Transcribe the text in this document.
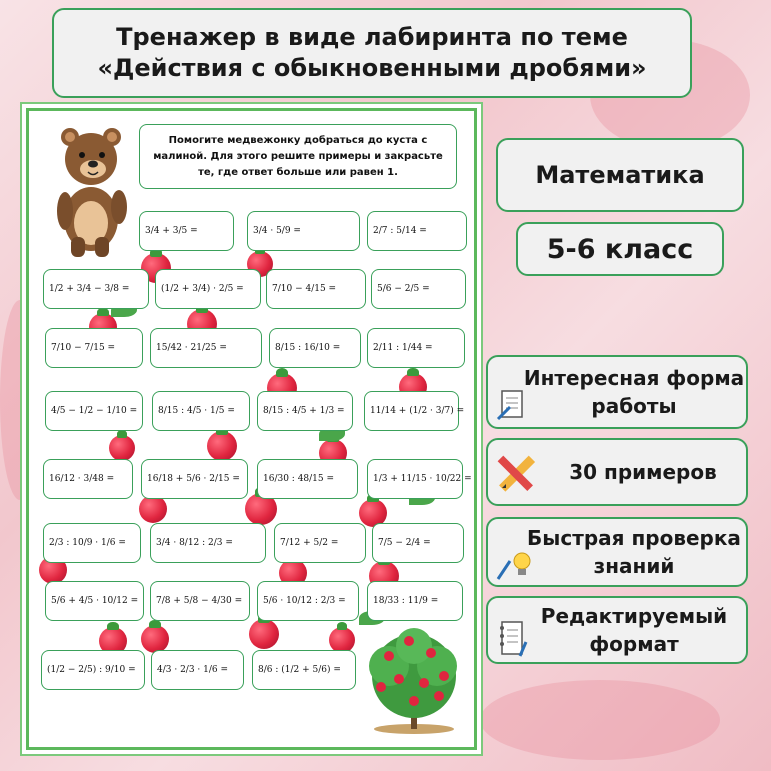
Тренажер в виде лабиринта по теме
«Действия с обыкновенными дробями»
Помогите медвежонку добраться до куста с малиной. Для этого решите примеры и закрасьте те, где ответ больше или равен 1.
3/4 + 3/5 =	3/4 · 5/9 =	2/7 : 5/14 =
1/2 + 3/4 − 3/8 =	(1/2 + 3/4) · 2/5 =	7/10 − 4/15 =	5/6 − 2/5 =
7/10 − 7/15 =	15/42 · 21/25 =	8/15 : 16/10 =	2/11 : 1/44 =
4/5 − 1/2 − 1/10 = 8/15 : 4/5 · 1/5 =	8/15 : 4/5 + 1/3 =	11/14 + (1/2 · 3/7) =
16/12 · 3/48 =	16/18 + 5/6 · 2/15 =	16/30 : 48/15 =	1/3 + 11/15 · 10/22 =
2/3 : 10/9 · 1/6 =	3/4 · 8/12 : 2/3 =	7/12 + 5/2 =	7/5 − 2/4 =
5/6 + 4/5 · 10/12 = 7/8 + 5/8 − 4/30 = 5/6 · 10/12 : 2/3 =	18/33 : 11/9 =
(1/2 − 2/5) : 9/10 = 4/3 · 2/3 · 1/6 =	8/6 : (1/2 + 5/6) =
Математика
5-6 класс
Интересная форма работы
30 примеров
Быстрая проверка знаний
Редактируемый формат
